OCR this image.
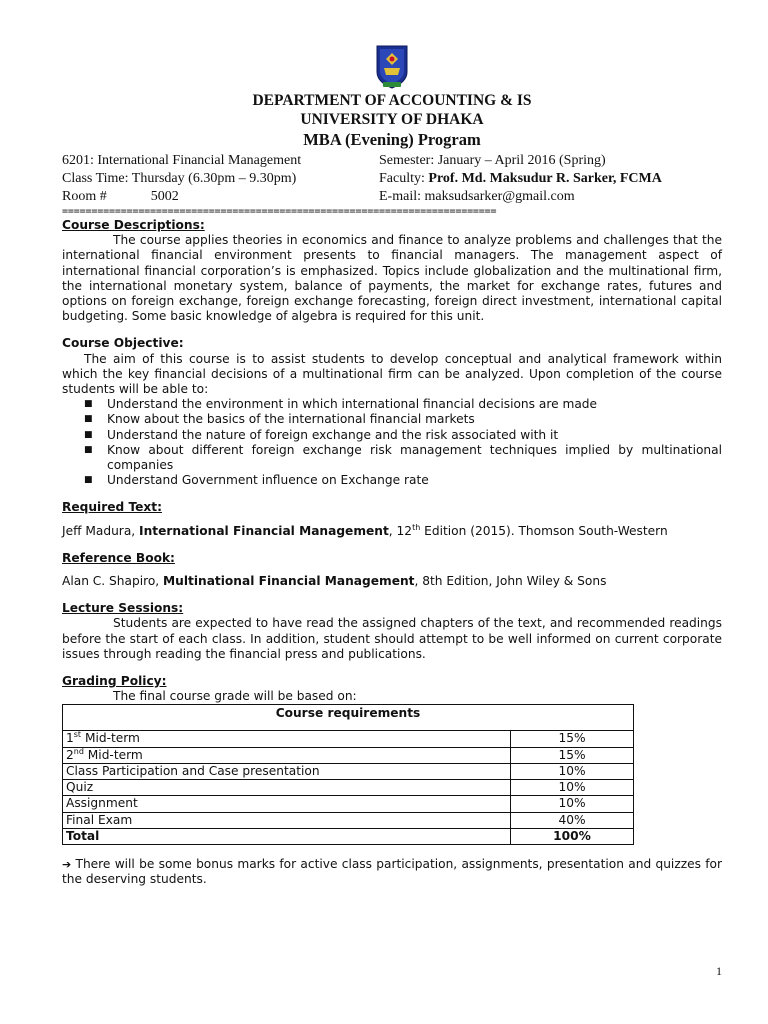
DEPARTMENT OF ACCOUNTING & IS
UNIVERSITY OF DHAKA
MBA (Evening) Program
6201: International Financial Management	Semester: January – April 2016 (Spring)
Class Time: Thursday (6.30pm – 9.30pm)	Faculty: Prof. Md. Maksudur R. Sarker, FCMA
Room #	5002	E-mail: maksudsarker@gmail.com
==========================================================================
Course Descriptions:

The course applies theories in economics and finance to analyze problems and challenges that the international financial environment presents to financial managers. The management aspect of international financial corporation’s is emphasized. Topics include globalization and the multinational firm, the international monetary system, balance of payments, the market for exchange rates, futures and options on foreign exchange, foreign exchange forecasting, foreign direct investment, international capital budgeting. Some basic knowledge of algebra is required for this unit.

Course Objective:

The aim of this course is to assist students to develop conceptual and analytical framework within which the key financial decisions of a multinational firm can be analyzed. Upon completion of the course students will be able to:

■ Understand the environment in which international financial decisions are made
■ Know about the basics of the international financial markets
■ Understand the nature of foreign exchange and the risk associated with it
■ Know about different foreign exchange risk management techniques implied by multinational companies
■ Understand Government influence on Exchange rate
Required Text:

Jeff Madura, International Financial Management, 12th Edition (2015). Thomson South-Western

Reference Book:

Alan C. Shapiro, Multinational Financial Management, 8th Edition, John Wiley & Sons

Lecture Sessions:

Students are expected to have read the assigned chapters of the text, and recommended readings before the start of each class. In addition, student should attempt to be well informed on current corporate issues through reading the financial press and publications.

Grading Policy:

The final course grade will be based on:

Course requirements	
1st Mid-term	15%
2nd Mid-term	15%
Class Participation and Case presentation	10%
Quiz	10%
Assignment	10%
Final Exam	40%
Total	100%

➔ There will be some bonus marks for active class participation, assignments, presentation and quizzes for the deserving students.

1
